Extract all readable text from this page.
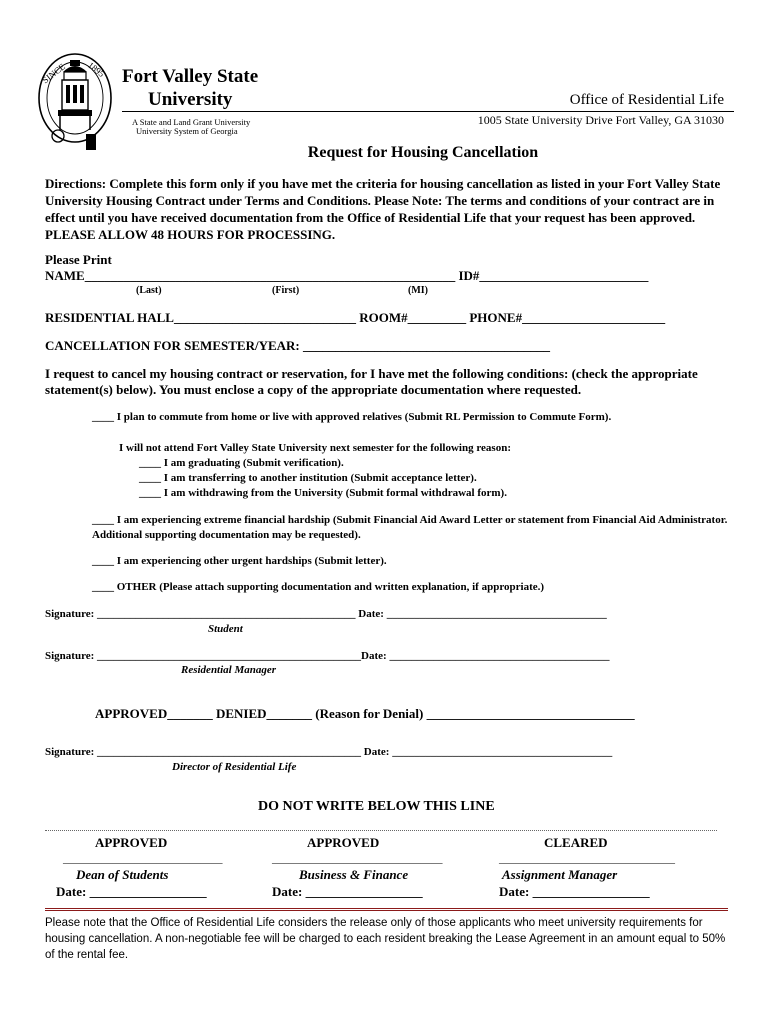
SINCE 1895 Fort Valley State
University
A State and Land Grant University
University System of Georgia
Office of Residential Life
1005 State University Drive Fort Valley, GA 31030
Request for Housing Cancellation
Directions: Complete this form only if you have met the criteria for housing cancellation as listed in your Fort Valley State University Housing Contract under Terms and Conditions. Please Note: The terms and conditions of your contract are in effect until you have received documentation from the Office of Residential Life that your request has been approved. PLEASE ALLOW 48 HOURS FOR PROCESSING.
Please Print
NAME_________________________________________________________ ID#__________________________
(Last)	(First)	(MI)
RESIDENTIAL HALL____________________________ ROOM#_________ PHONE#______________________
CANCELLATION FOR SEMESTER/YEAR: ______________________________________
I request to cancel my housing contract or reservation, for I have met the following conditions: (check the appropriate statement(s) below). You must enclose a copy of the appropriate documentation where requested.
____ I plan to commute from home or live with approved relatives (Submit RL Permission to Commute Form).
I will not attend Fort Valley State University next semester for the following reason:
____ I am graduating (Submit verification).
____ I am transferring to another institution (Submit acceptance letter).
____ I am withdrawing from the University (Submit formal withdrawal form).
____ I am experiencing extreme financial hardship (Submit Financial Aid Award Letter or statement from Financial Aid Administrator. Additional supporting documentation may be requested).
____ I am experiencing other urgent hardships (Submit letter).
____ OTHER (Please attach supporting documentation and written explanation, if appropriate.)
Signature: _______________________________________________ Date: ________________________________________
Student
Signature: ________________________________________________Date: ________________________________________
Residential Manager
APPROVED_______ DENIED_______ (Reason for Denial) ________________________________
Signature: ________________________________________________ Date: ________________________________________
Director of Residential Life
DO NOT WRITE BELOW THIS LINE
APPROVED
_____________________________
Dean of Students
Date: __________________
APPROVED
_______________________________
Business & Finance
Date: __________________
CLEARED
________________________________
Assignment Manager
Date: __________________
Please note that the Office of Residential Life considers the release only of those applicants who meet university requirements for housing cancellation. A non-negotiable fee will be charged to each resident breaking the Lease Agreement in an amount equal to 50% of the rental fee.
